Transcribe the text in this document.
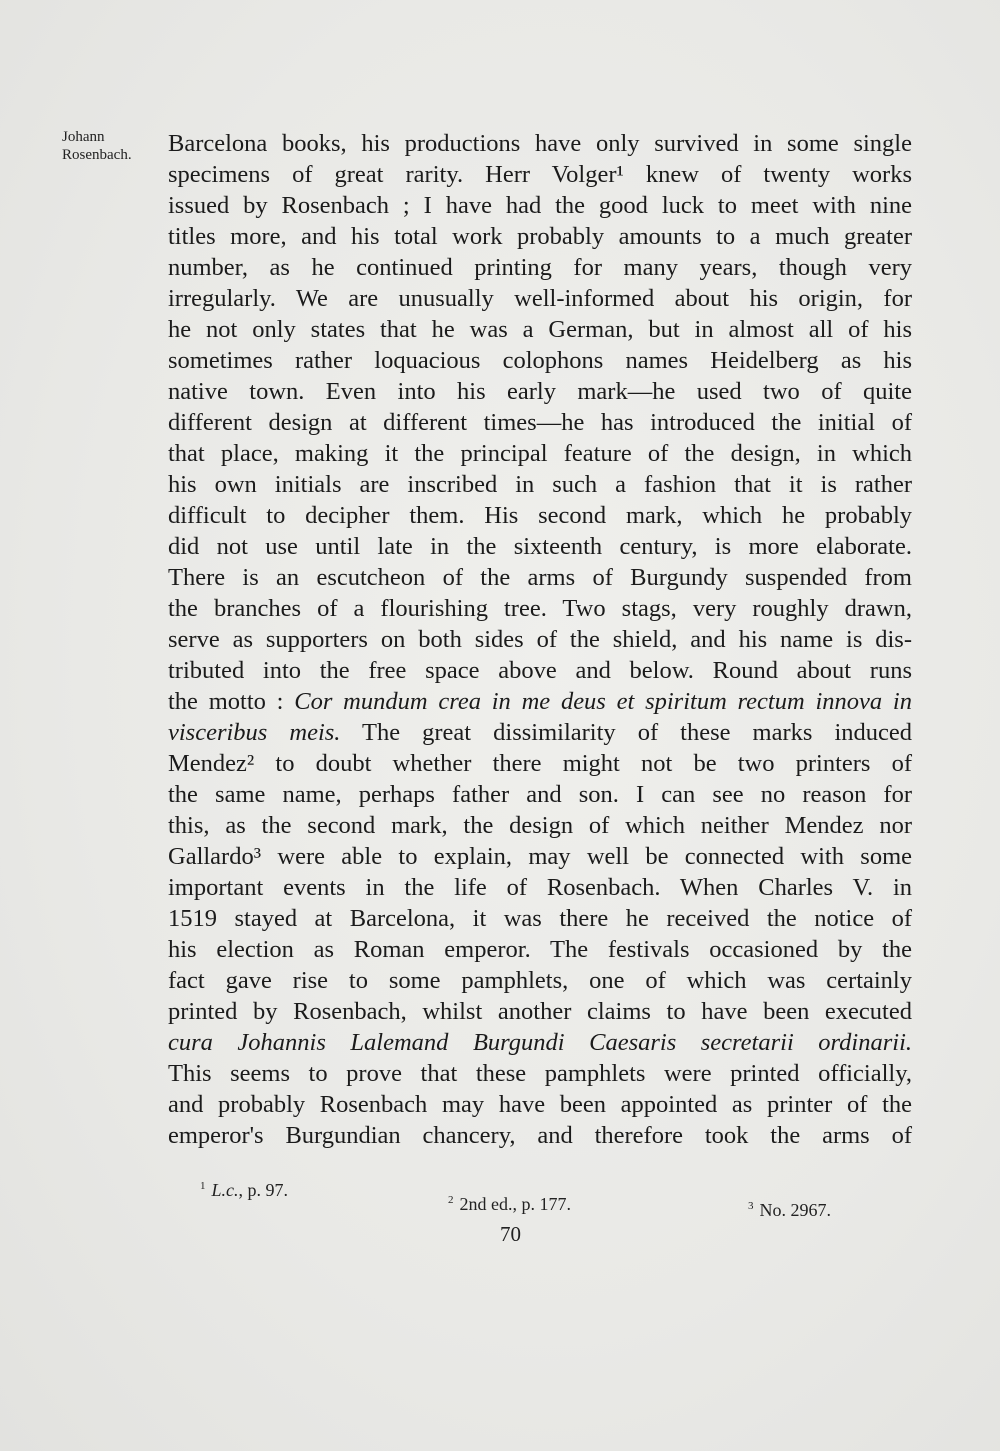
Johann
Rosenbach.	Barcelona books, his productions have only survived in some single
specimens of great rarity. Herr Volger¹ knew of twenty works
issued by Rosenbach ; I have had the good luck to meet with nine
titles more, and his total work probably amounts to a much greater
number, as he continued printing for many years, though very
irregularly. We are unusually well-informed about his origin, for
he not only states that he was a German, but in almost all of his
sometimes rather loquacious colophons names Heidelberg as his
native town. Even into his early mark—he used two of quite
different design at different times—he has introduced the initial of
that place, making it the principal feature of the design, in which
his own initials are inscribed in such a fashion that it is rather
difficult to decipher them. His second mark, which he probably
did not use until late in the sixteenth century, is more elaborate.
There is an escutcheon of the arms of Burgundy suspended from
the branches of a flourishing tree. Two stags, very roughly drawn,
serve as supporters on both sides of the shield, and his name is dis-
tributed into the free space above and below. Round about runs
the motto : Cor mundum crea in me deus et spiritum rectum innova in
visceribus meis. The great dissimilarity of these marks induced
Mendez² to doubt whether there might not be two printers of
the same name, perhaps father and son. I can see no reason for
this, as the second mark, the design of which neither Mendez nor
Gallardo³ were able to explain, may well be connected with some
important events in the life of Rosenbach. When Charles V. in
1519 stayed at Barcelona, it was there he received the notice of
his election as Roman emperor. The festivals occasioned by the
fact gave rise to some pamphlets, one of which was certainly
printed by Rosenbach, whilst another claims to have been executed
cura Johannis Lalemand Burgundi Caesaris secretarii ordinarii.
This seems to prove that these pamphlets were printed officially,
and probably Rosenbach may have been appointed as printer of the
emperor's Burgundian chancery, and therefore took the arms of
$^1$ L.c., p. 97.	$^2$ 2nd ed., p. 177.	$^3$ No. 2967.
70
